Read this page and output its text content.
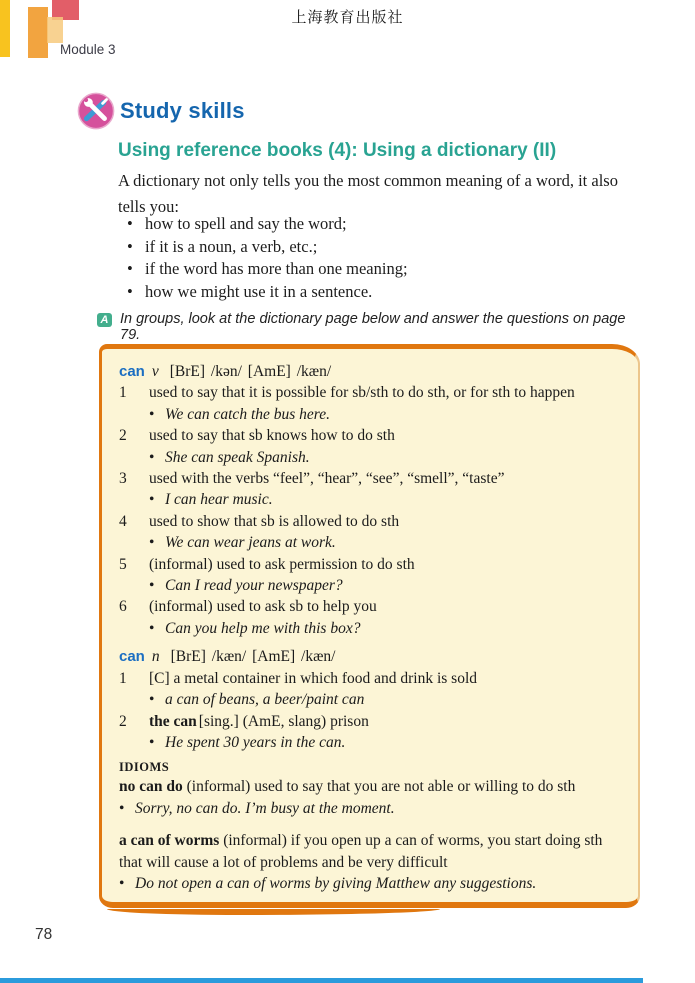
上海教育出版社
Module 3
Study skills
Using reference books (4): Using a dictionary (II)
A dictionary not only tells you the most common meaning of a word, it also tells you:
• how to spell and say the word;
• if it is a noun, a verb, etc.;
• if the word has more than one meaning;
• how we might use it in a sentence.
A In groups, look at the dictionary page below and answer the questions on page 79.
can v [BrE] /kən/ [AmE] /kæn/
1	used to say that it is possible for sb/sth to do sth, or for sth to happen
• We can catch the bus here.
2	used to say that sb knows how to do sth
• She can speak Spanish.
3	used with the verbs “feel”, “hear”, “see”, “smell”, “taste”
• I can hear music.
4	used to show that sb is allowed to do sth
• We can wear jeans at work.
5	(informal) used to ask permission to do sth
• Can I read your newspaper?
6	(informal) used to ask sb to help you
• Can you help me with this box?
can n [BrE] /kæn/ [AmE] /kæn/
1	[C] a metal container in which food and drink is sold
• a can of beans, a beer/paint can
2	the can [sing.] (AmE, slang) prison
• He spent 30 years in the can.
IDIOMS
no can do (informal) used to say that you are not able or willing to do sth
• Sorry, no can do. I’m busy at the moment.
a can of worms (informal) if you open up a can of worms, you start doing sth that will cause a lot of problems and be very difficult
• Do not open a can of worms by giving Matthew any suggestions.
78
